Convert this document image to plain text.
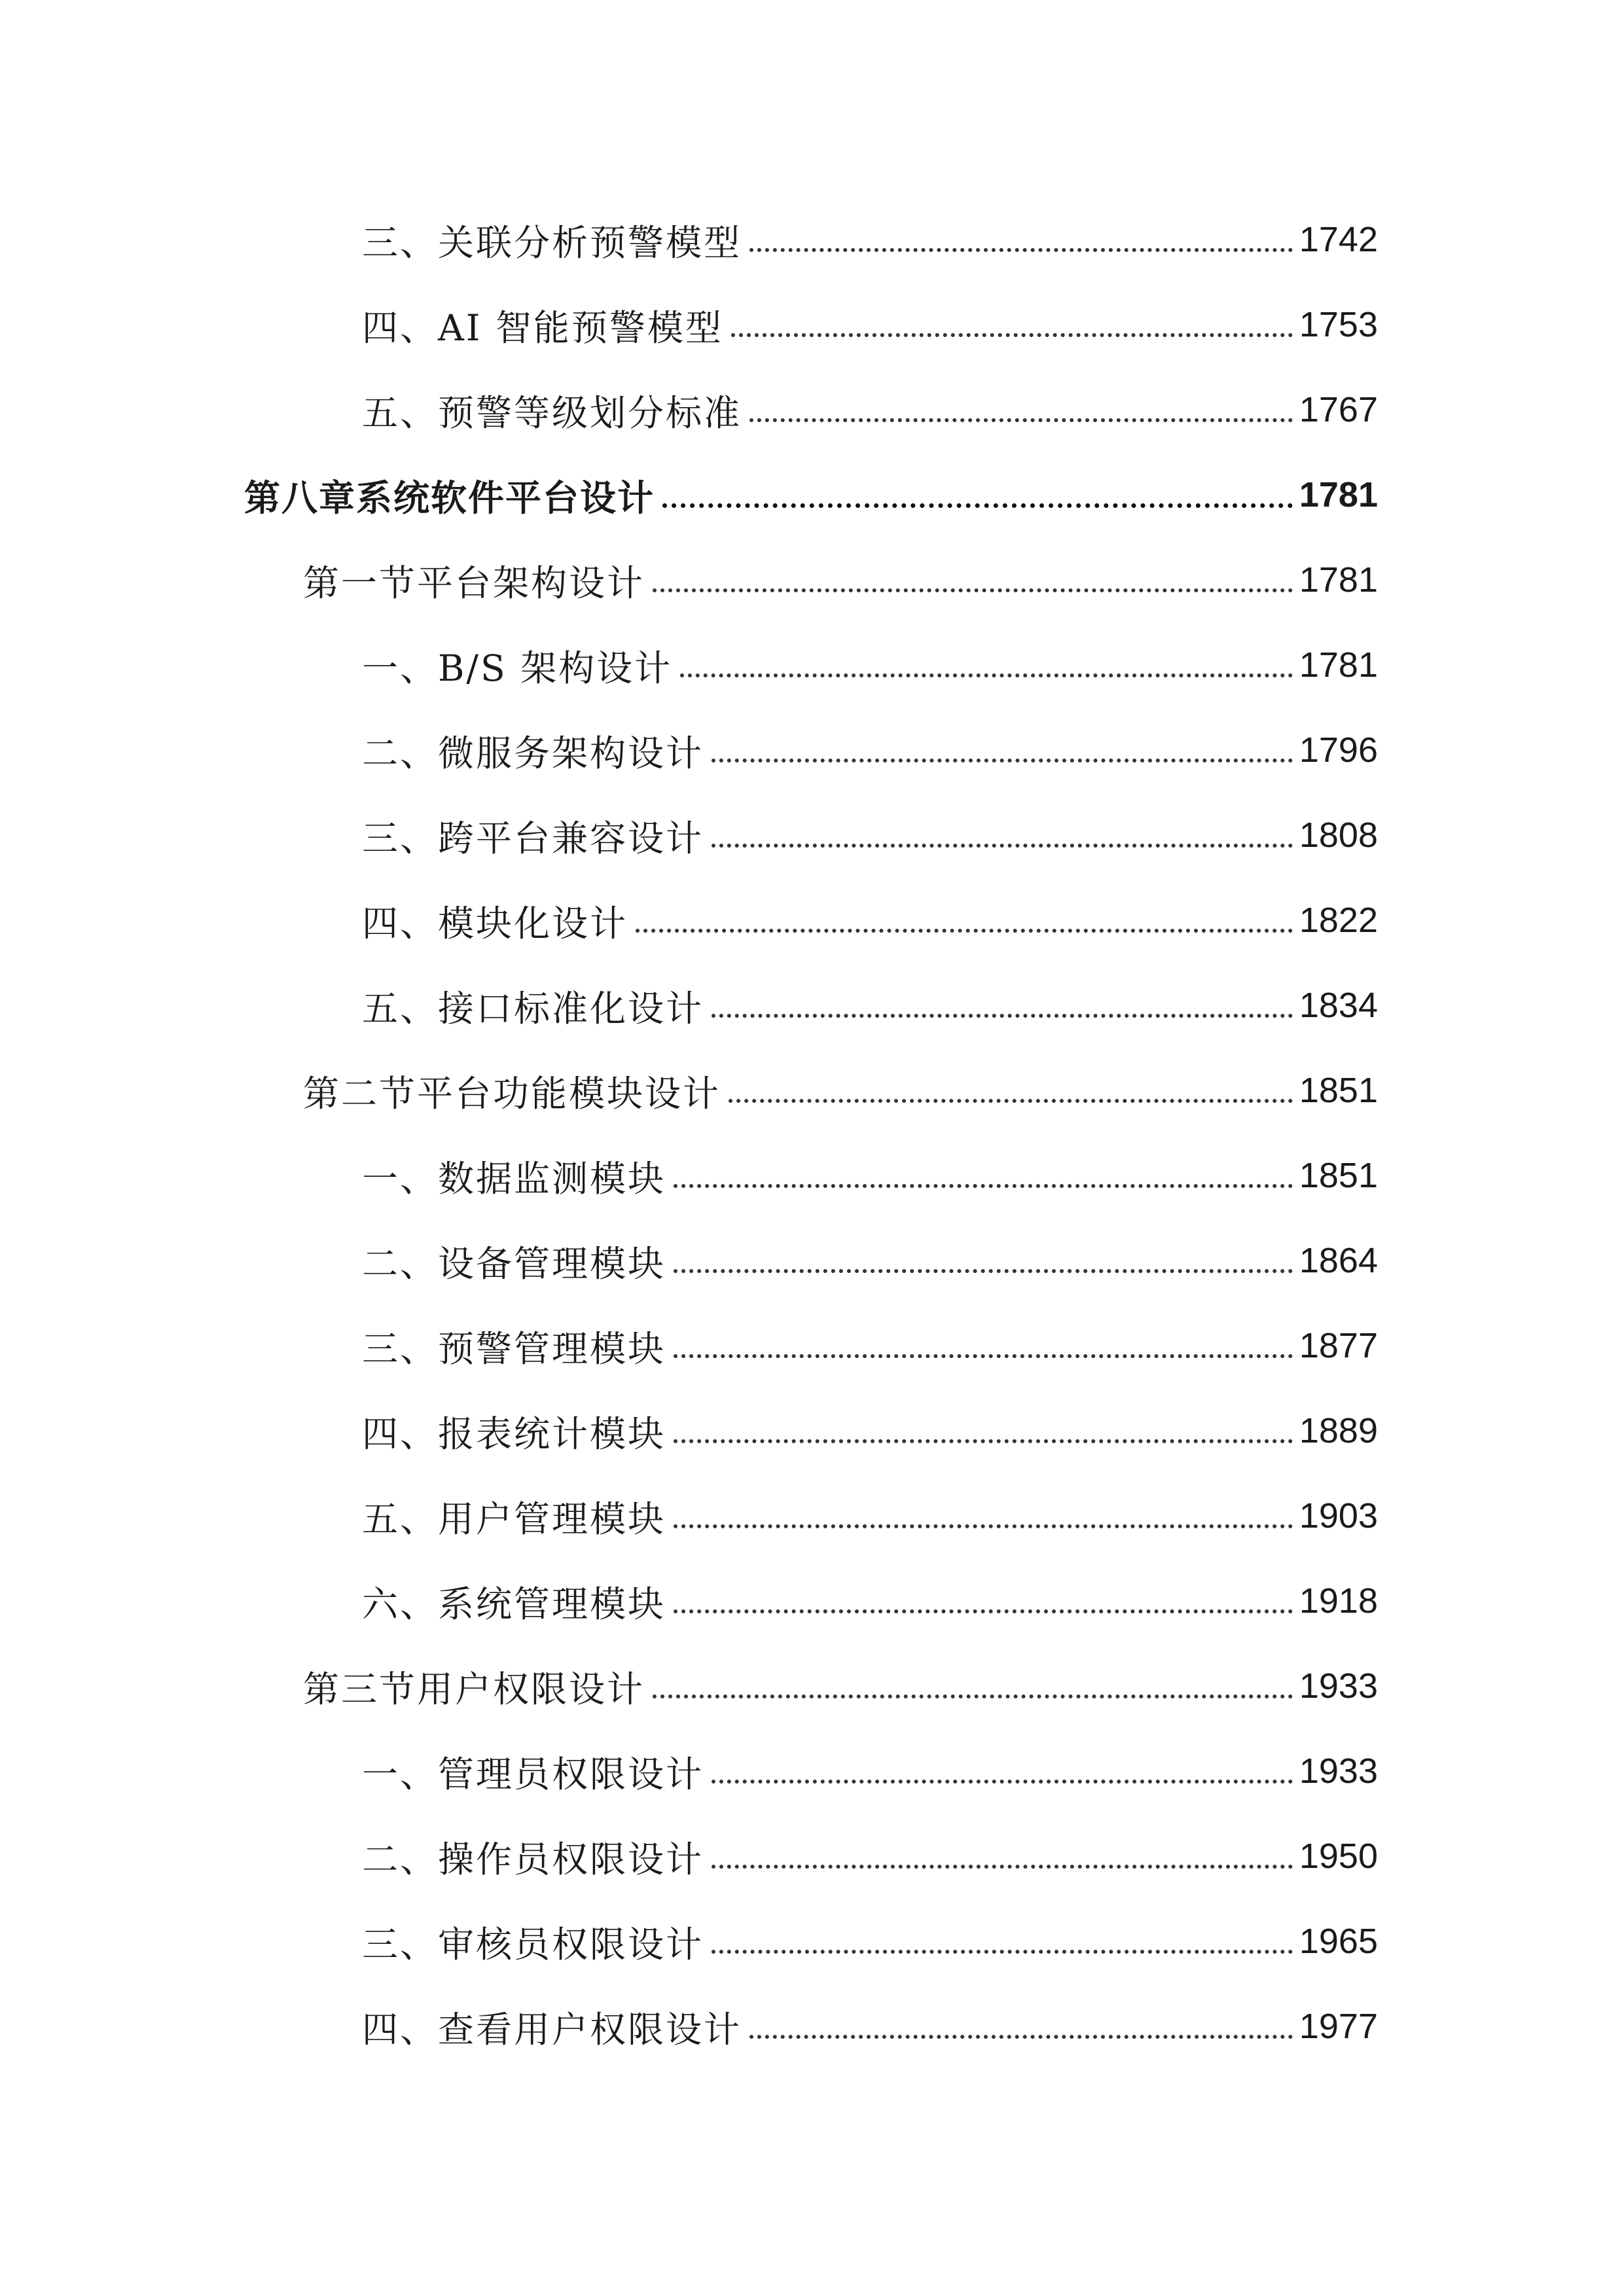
三、关联分析预警模型	1742
四、AI 智能预警模型	1753
五、预警等级划分标准	1767
第八章系统软件平台设计	1781
第一节平台架构设计	1781
一、B/S 架构设计	1781
二、微服务架构设计	1796
三、跨平台兼容设计	1808
四、模块化设计	1822
五、接口标准化设计	1834
第二节平台功能模块设计	1851
一、数据监测模块	1851
二、设备管理模块	1864
三、预警管理模块	1877
四、报表统计模块	1889
五、用户管理模块	1903
六、系统管理模块	1918
第三节用户权限设计	1933
一、管理员权限设计	1933
二、操作员权限设计	1950
三、审核员权限设计	1965
四、查看用户权限设计	1977
